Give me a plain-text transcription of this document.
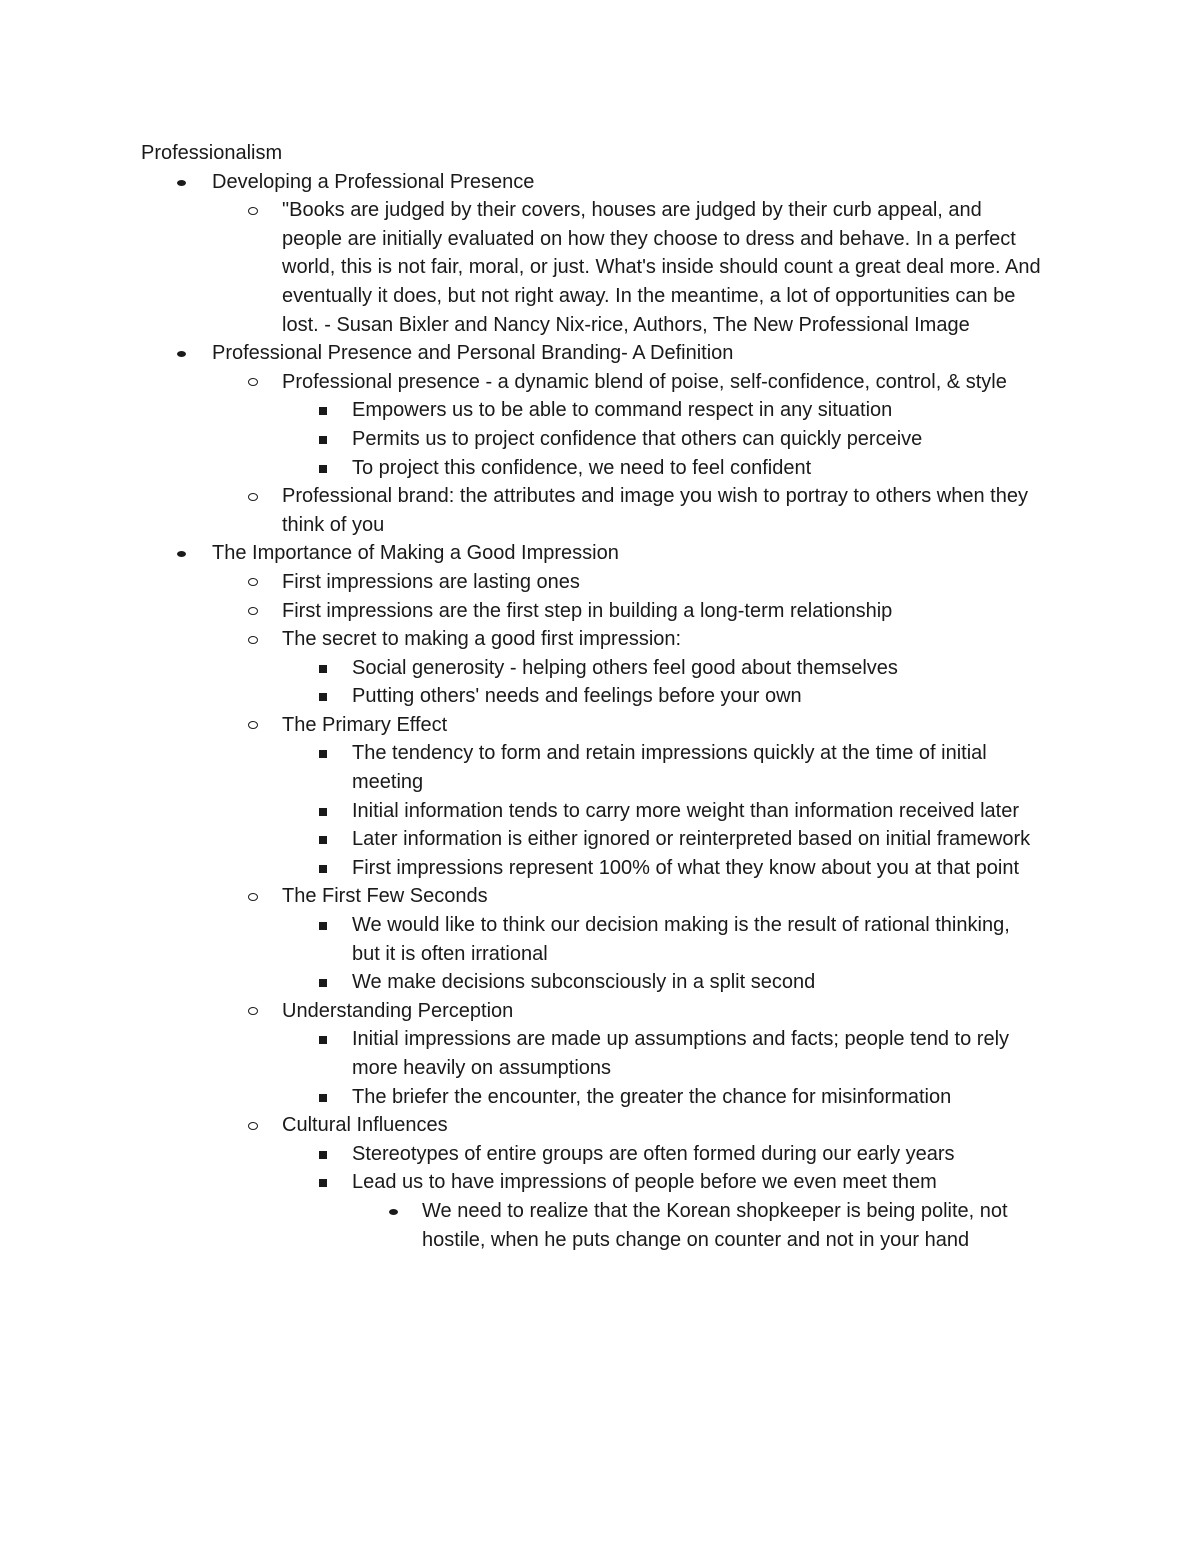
Professionalism
Developing a Professional Presence
"Books are judged by their covers, houses are judged by their curb appeal, and people are initially evaluated on how they choose to dress and behave. In a perfect world, this is not fair, moral, or just. What's inside should count a great deal more. And eventually it does, but not right away. In the meantime, a lot of opportunities can be lost. - Susan Bixler and Nancy Nix-rice, Authors, The New Professional Image
Professional Presence and Personal Branding- A Definition
Professional presence - a dynamic blend of poise, self-confidence, control, & style
Empowers us to be able to command respect in any situation
Permits us to project confidence that others can quickly perceive
To project this confidence, we need to feel confident
Professional brand: the attributes and image you wish to portray to others when they think of you
The Importance of Making a Good Impression
First impressions are lasting ones
First impressions are the first step in building a long-term relationship
The secret to making a good first impression:
Social generosity - helping others feel good about themselves
Putting others' needs and feelings before your own
The Primary Effect
The tendency to form and retain impressions quickly at the time of initial meeting
Initial information tends to carry more weight than information received later
Later information is either ignored or reinterpreted based on initial framework
First impressions represent 100% of what they know about you at that point
The First Few Seconds
We would like to think our decision making is the result of rational thinking, but it is often irrational
We make decisions subconsciously in a split second
Understanding Perception
Initial impressions are made up assumptions and facts; people tend to rely more heavily on assumptions
The briefer the encounter, the greater the chance for misinformation
Cultural Influences
Stereotypes of entire groups are often formed during our early years
Lead us to have impressions of people before we even meet them
We need to realize that the Korean shopkeeper is being polite, not hostile, when he puts change on counter and not in your hand
